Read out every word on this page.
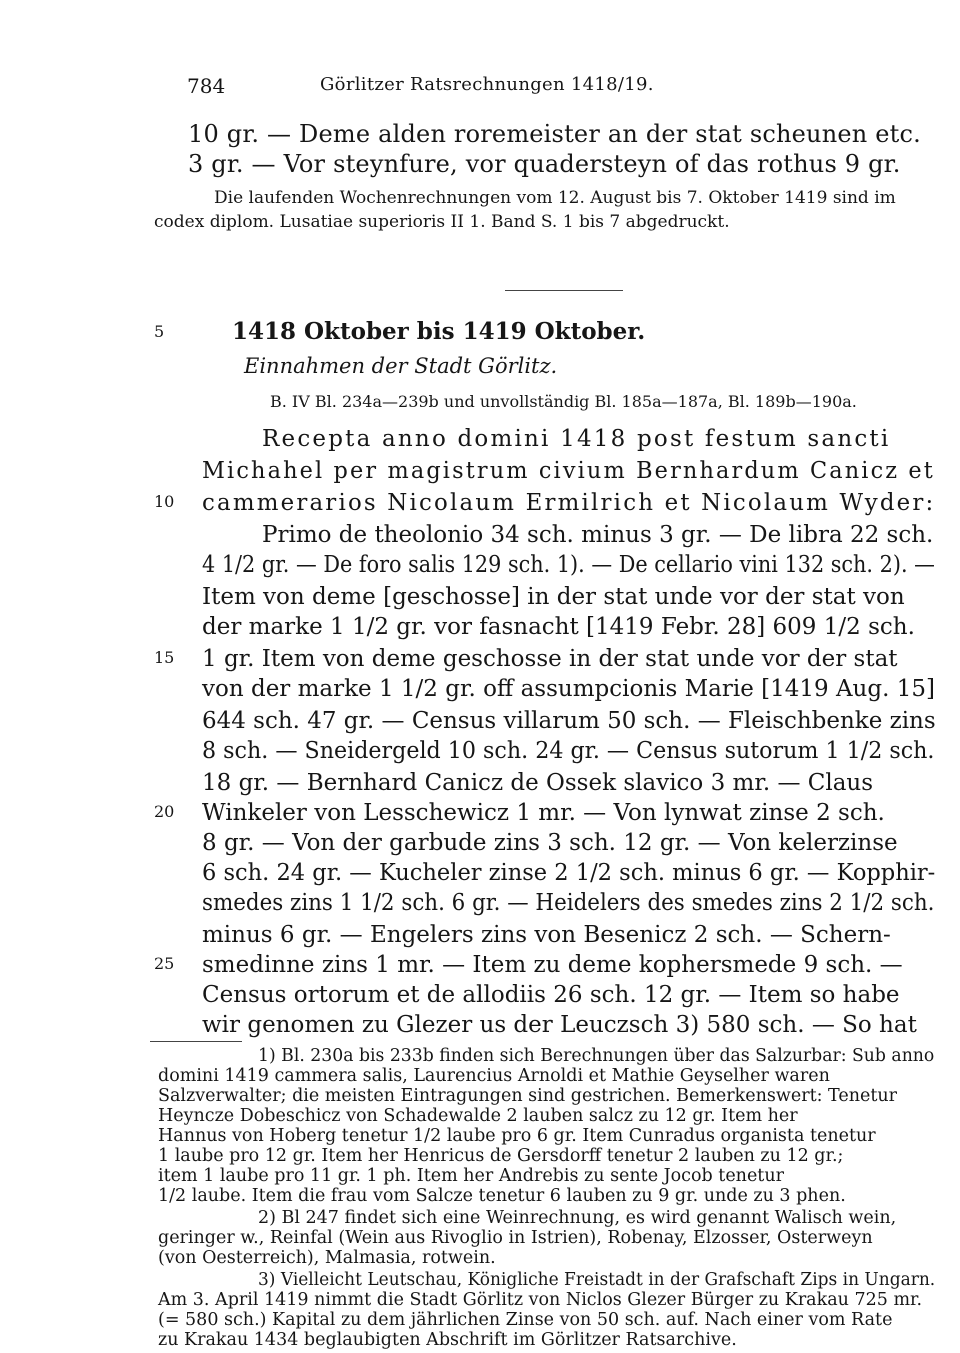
784	Görlitzer Ratsrechnungen 1418/19.
10 gr. — Deme alden roremeister an der stat scheunen etc.
3 gr. — Vor steynfure, vor quadersteyn of das rothus 9 gr.
Die laufenden Wochenrechnungen vom 12. August bis 7. Oktober 1419 sind im
codex diplom. Lusatiae superioris II 1. Band S. 1 bis 7 abgedruckt.
5	1418 Oktober bis 1419 Oktober.
Einnahmen der Stadt Görlitz.
B. IV Bl. 234a—239b und unvollständig Bl. 185a—187a, Bl. 189b—190a.
Recepta anno domini 1418 post festum sancti
Michahel per magistrum civium Bernhardum Canicz et
10 cammerarios Nicolaum Ermilrich et Nicolaum Wyder:
Primo de theolonio 34 sch. minus 3 gr. — De libra 22 sch.
4 1/2 gr. — De foro salis 129 sch. 1). — De cellario vini 132 sch. 2). —
Item von deme [geschosse] in der stat unde vor der stat von
der marke 1 1/2 gr. vor fasnacht [1419 Febr. 28] 609 1/2 sch.
15 1 gr. Item von deme geschosse in der stat unde vor der stat
von der marke 1 1/2 gr. off assumpcionis Marie [1419 Aug. 15]
644 sch. 47 gr. — Census villarum 50 sch. — Fleischbenke zins
8 sch. — Sneidergeld 10 sch. 24 gr. — Census sutorum 1 1/2 sch.
18 gr. — Bernhard Canicz de Ossek slavico 3 mr. — Claus
20 Winkeler von Lesschewicz 1 mr. — Von lynwat zinse 2 sch.
8 gr. — Von der garbude zins 3 sch. 12 gr. — Von kelerzinse
6 sch. 24 gr. — Kucheler zinse 2 1/2 sch. minus 6 gr. — Kopphir-
smedes zins 1 1/2 sch. 6 gr. — Heidelers des smedes zins 2 1/2 sch.
minus 6 gr. — Engelers zins von Besenicz 2 sch. — Schern-
25 smedinne zins 1 mr. — Item zu deme kophersmede 9 sch. —
Census ortorum et de allodiis 26 sch. 12 gr. — Item so habe
wir genomen zu Glezer us der Leuczsch 3) 580 sch. — So hat
1) Bl. 230a bis 233b finden sich Berechnungen über das Salzurbar: Sub anno
domini 1419 cammera salis, Laurencius Arnoldi et Mathie Geyselher waren
Salzverwalter; die meisten Eintragungen sind gestrichen. Bemerkenswert: Tenetur
Heyncze Dobeschicz von Schadewalde 2 lauben salcz zu 12 gr. Item her
Hannus von Hoberg tenetur 1/2 laube pro 6 gr. Item Cunradus organista tenetur
1 laube pro 12 gr. Item her Henricus de Gersdorff tenetur 2 lauben zu 12 gr.;
item 1 laube pro 11 gr. 1 ph. Item her Andrebis zu sente Jocob tenetur
1/2 laube. Item die frau vom Salcze tenetur 6 lauben zu 9 gr. unde zu 3 phen.
2) Bl 247 findet sich eine Weinrechnung, es wird genannt Walisch wein,
geringer w., Reinfal (Wein aus Rivoglio in Istrien), Robenay, Elzosser, Osterweyn
(von Oesterreich), Malmasia, rotwein.
3) Vielleicht Leutschau, Königliche Freistadt in der Grafschaft Zips in Ungarn.
Am 3. April 1419 nimmt die Stadt Görlitz von Niclos Glezer Bürger zu Krakau 725 mr.
(= 580 sch.) Kapital zu dem jährlichen Zinse von 50 sch. auf. Nach einer vom Rate
zu Krakau 1434 beglaubigten Abschrift im Görlitzer Ratsarchive.
